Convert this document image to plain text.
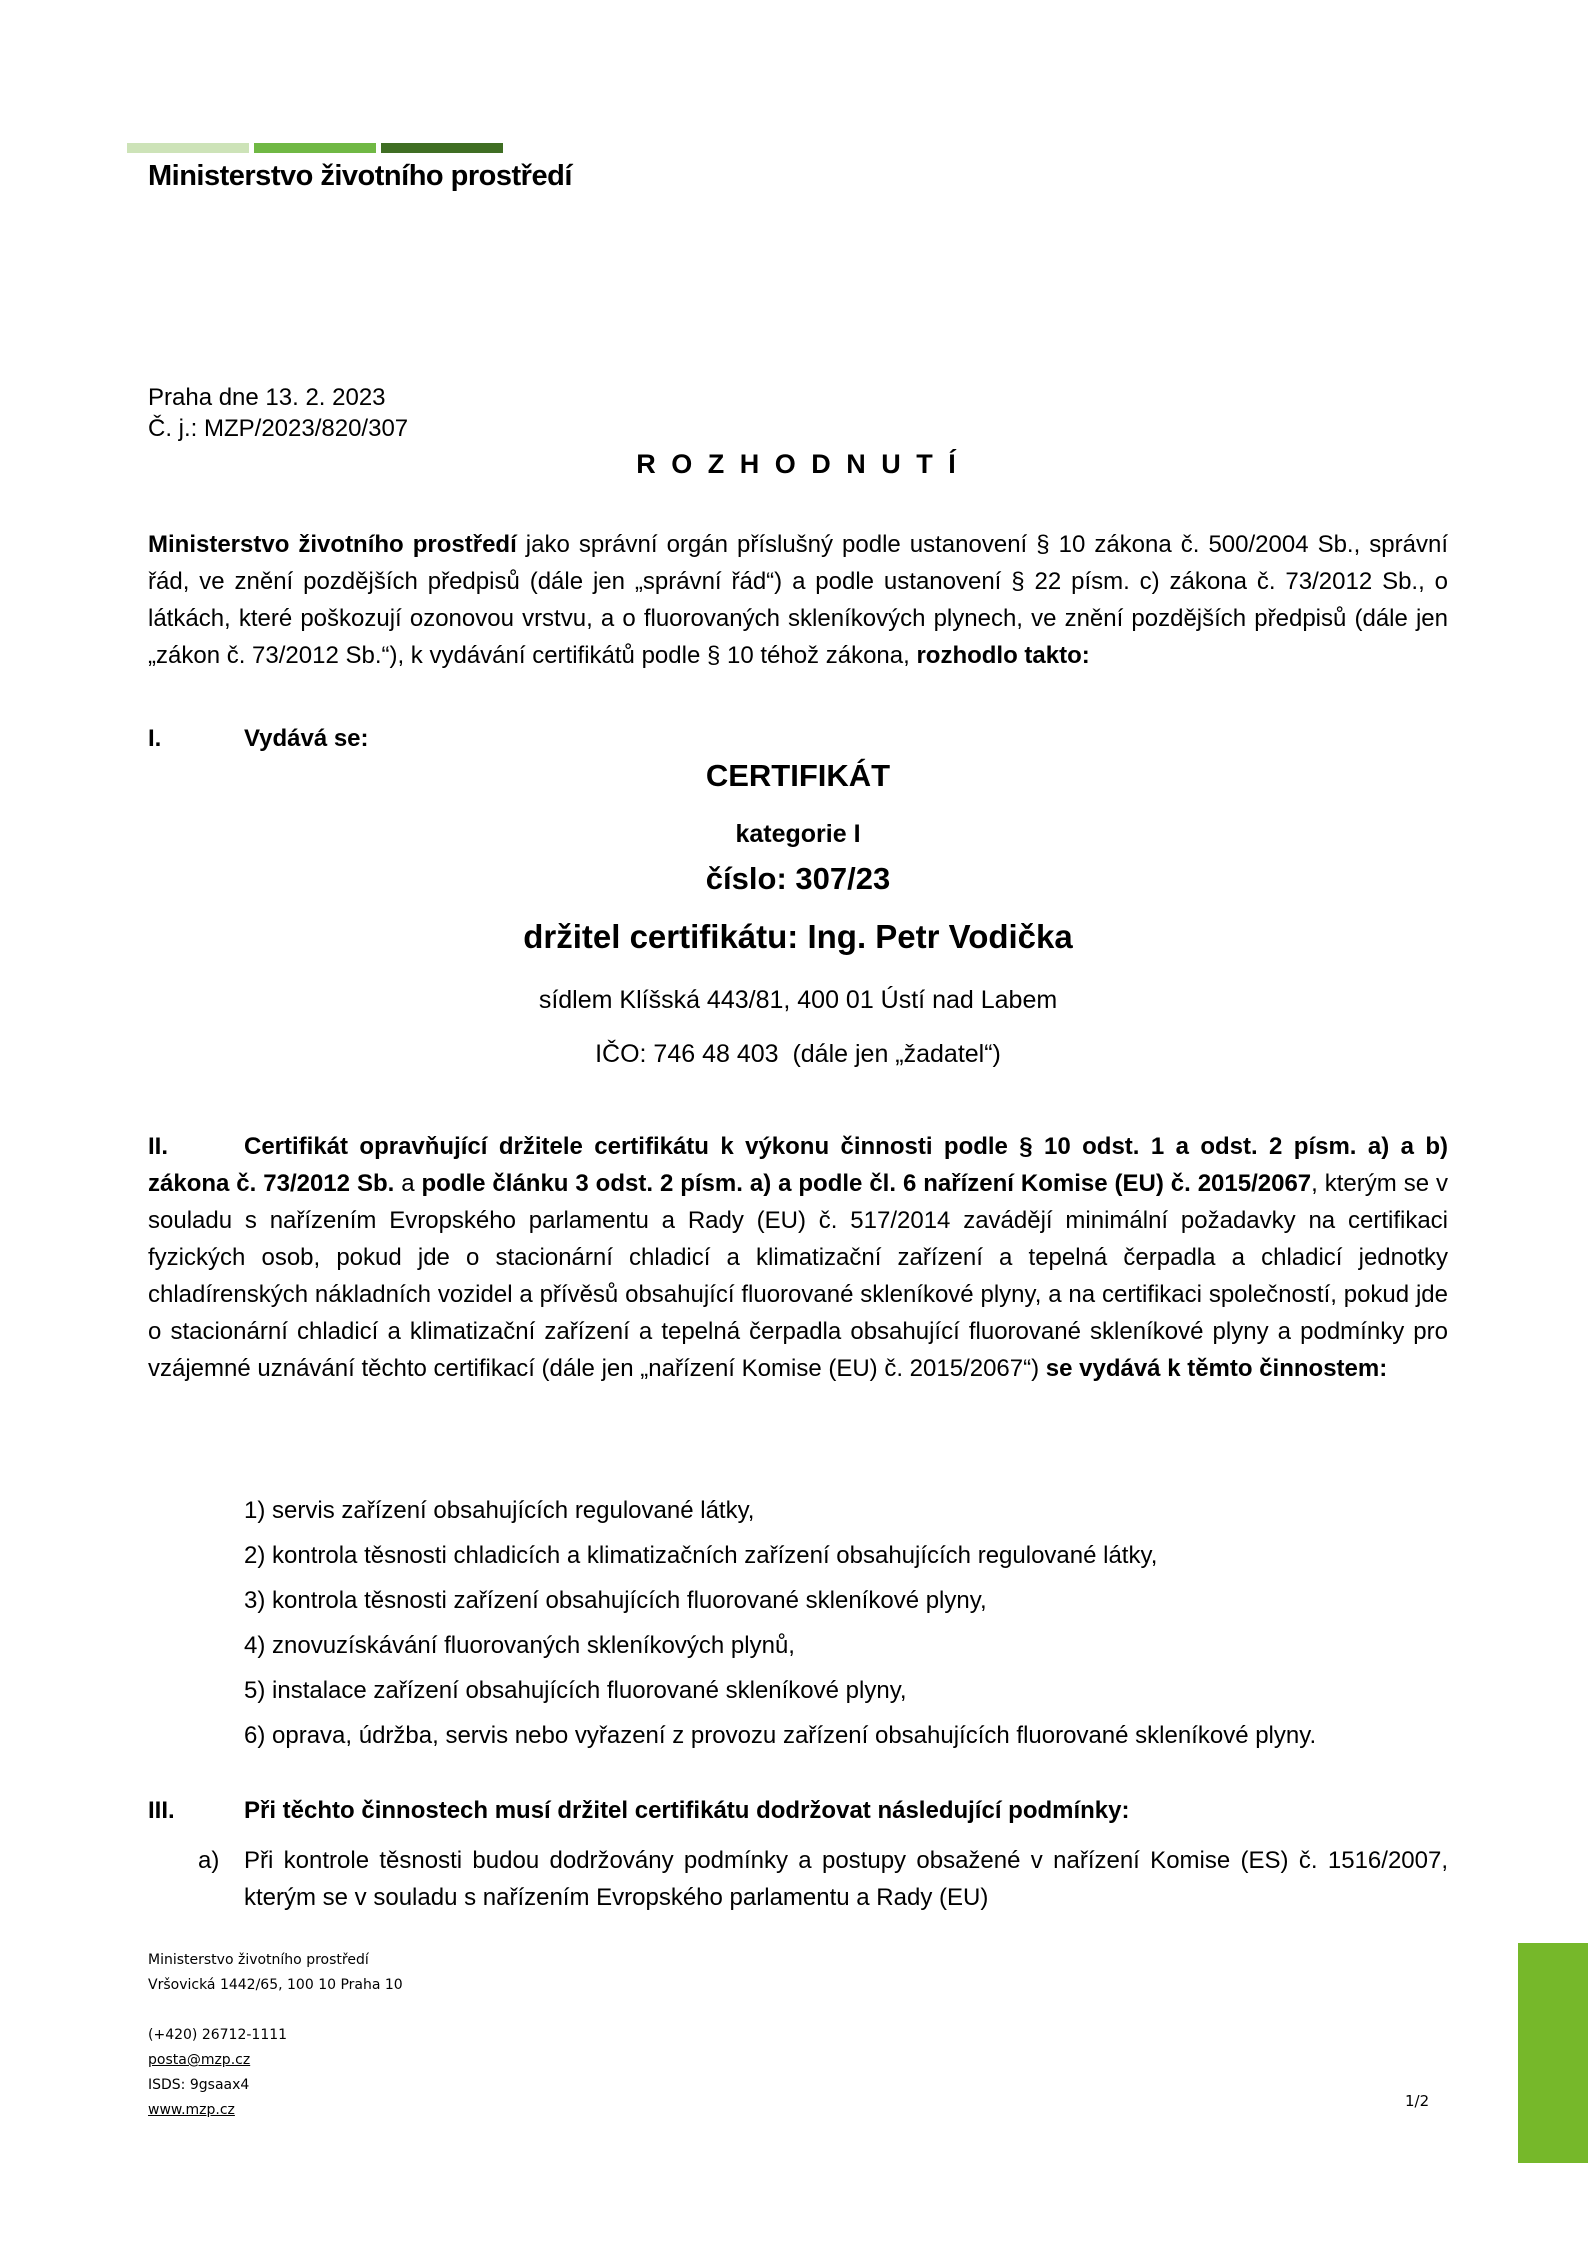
Ministerstvo životního prostředí
Praha dne 13. 2. 2023
Č. j.: MZP/2023/820/307
R O Z H O D N U T Í

Ministerstvo životního prostředí jako správní orgán příslušný podle ustanovení § 10 zákona č. 500/2004 Sb., správní řád, ve znění pozdějších předpisů (dále jen „správní řád“) a podle ustanovení § 22 písm. c) zákona č. 73/2012 Sb., o látkách, které poškozují ozonovou vrstvu, a o fluorovaných skleníkových plynech, ve znění pozdějších předpisů (dále jen „zákon č. 73/2012 Sb.“), k vydávání certifikátů podle § 10 téhož zákona, rozhodlo takto:

I.	Vydává se:
CERTIFIKÁT
kategorie I
číslo: 307/23
držitel certifikátu: Ing. Petr Vodička
sídlem Klíšská 443/81, 400 01 Ústí nad Labem
IČO: 746 48 403  (dále jen „žadatel“)

II.	Certifikát opravňující držitele certifikátu k výkonu činnosti podle § 10 odst. 1 a odst. 2 písm. a) a b) zákona č. 73/2012 Sb. a podle článku 3 odst. 2 písm. a) a podle čl. 6 nařízení Komise (EU) č. 2015/2067, kterým se v souladu s nařízením Evropského parlamentu a Rady (EU) č. 517/2014 zavádějí minimální požadavky na certifikaci fyzických osob, pokud jde o stacionární chladicí a klimatizační zařízení a tepelná čerpadla a chladicí jednotky chladírenských nákladních vozidel a přívěsů obsahující fluorované skleníkové plyny, a na certifikaci společností, pokud jde o stacionární chladicí a klimatizační zařízení a tepelná čerpadla obsahující fluorované skleníkové plyny a podmínky pro vzájemné uznávání těchto certifikací (dále jen „nařízení Komise (EU) č. 2015/2067“) se vydává k těmto činnostem:

1) servis zařízení obsahujících regulované látky,
2) kontrola těsnosti chladicích a klimatizačních zařízení obsahujících regulované látky,
3) kontrola těsnosti zařízení obsahujících fluorované skleníkové plyny,
4) znovuzískávání fluorovaných skleníkových plynů,
5) instalace zařízení obsahujících fluorované skleníkové plyny,
6) oprava, údržba, servis nebo vyřazení z provozu zařízení obsahujících fluorované skleníkové plyny.
III.	Při těchto činnostech musí držitel certifikátu dodržovat následující podmínky:
a)	Při kontrole těsnosti budou dodržovány podmínky a postupy obsažené v nařízení Komise (ES) č. 1516/2007, kterým se v souladu s nařízením Evropského parlamentu a Rady (EU)
Ministerstvo životního prostředí
Vršovická 1442/65, 100 10 Praha 10
(+420) 26712-1111
posta@mzp.cz
ISDS: 9gsaax4
www.mzp.cz	1/2
